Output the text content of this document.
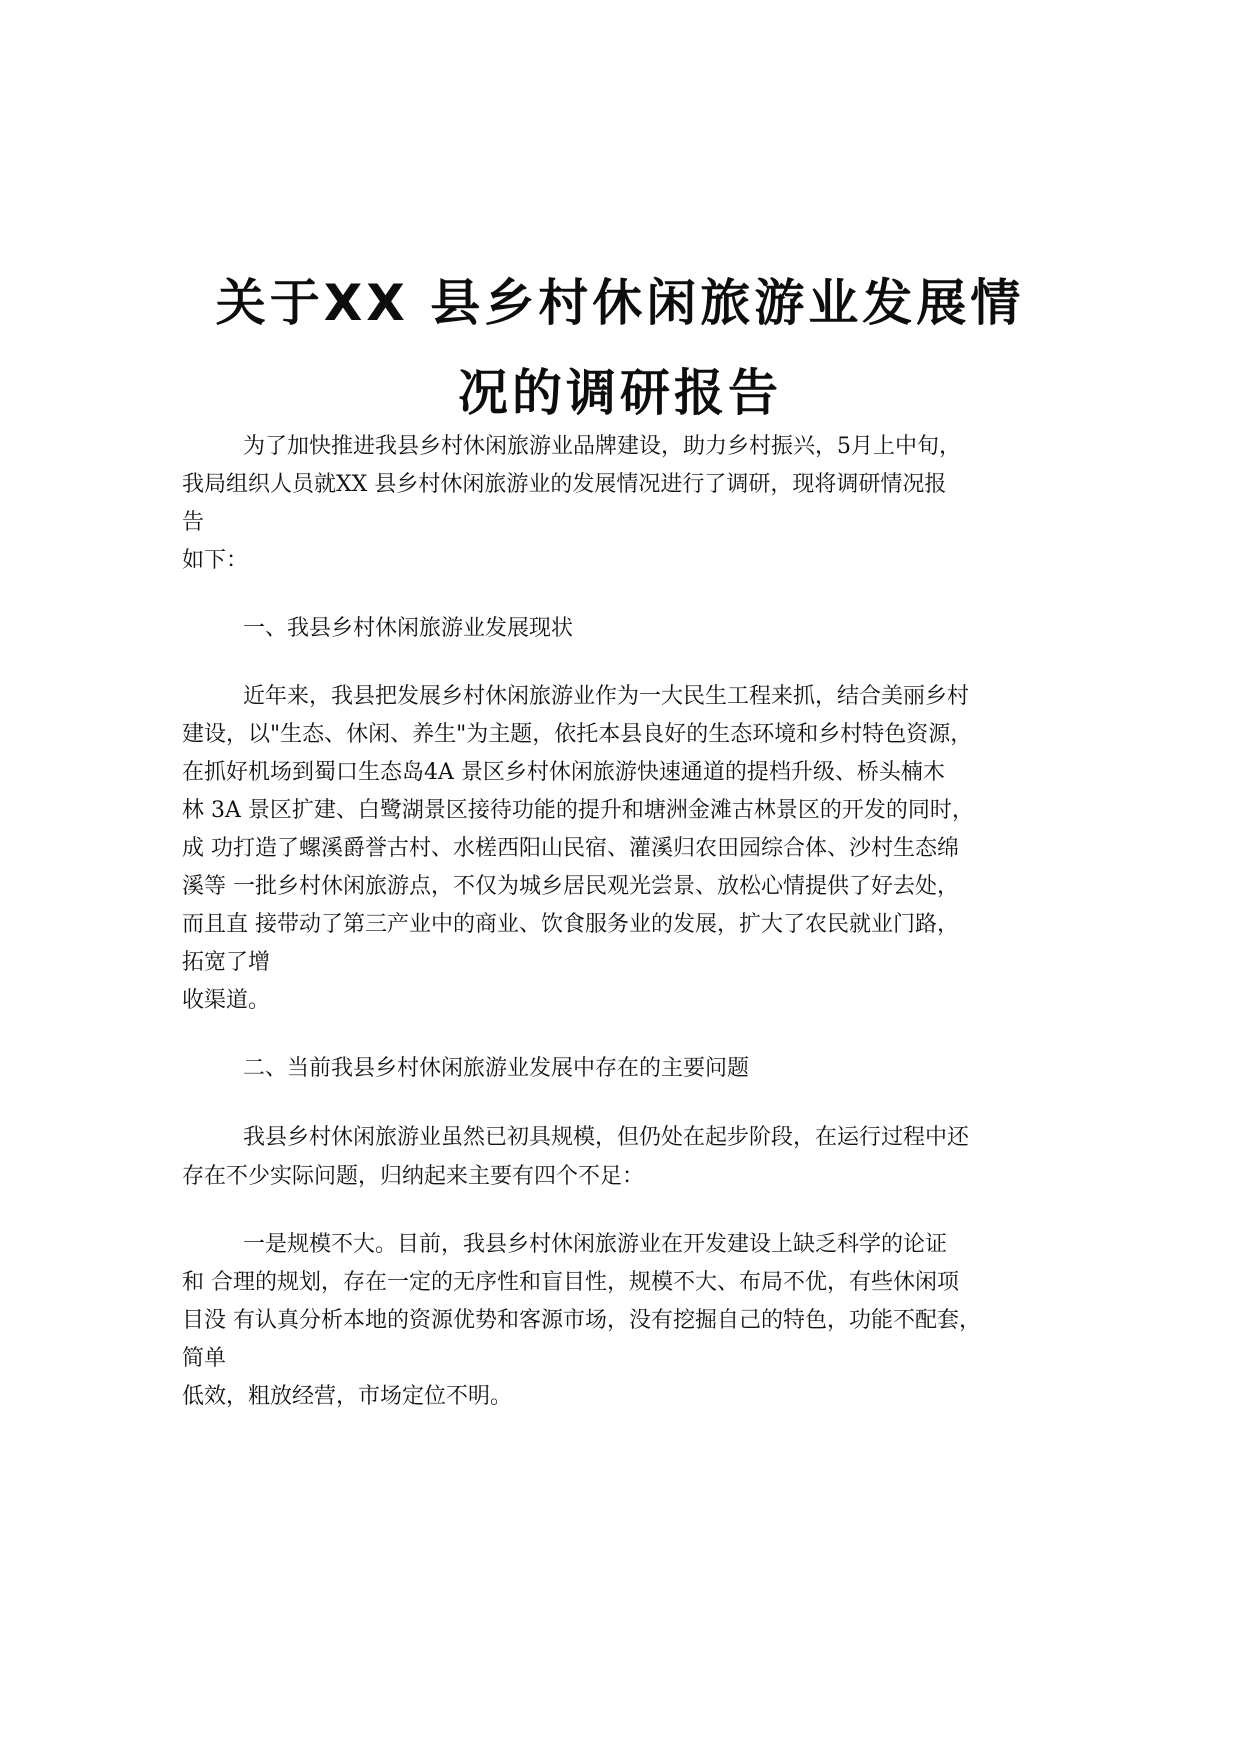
关于XX 县乡村休闲旅游业发展情
况的调研报告
为了加快推进我县乡村休闲旅游业品牌建设，助力乡村振兴，5月上中旬，
我局组织人员就XX 县乡村休闲旅游业的发展情况进行了调研，现将调研情况报
告
如下：
一、我县乡村休闲旅游业发展现状
近年来，我县把发展乡村休闲旅游业作为一大民生工程来抓，结合美丽乡村
建设，以"生态、休闲、养生"为主题，依托本县良好的生态环境和乡村特色资源，
在抓好机场到蜀口生态岛4A 景区乡村休闲旅游快速通道的提档升级、桥头楠木
林 3A 景区扩建、白鹭湖景区接待功能的提升和塘洲金滩古林景区的开发的同时，
成 功打造了螺溪爵誉古村、水槎西阳山民宿、灌溪归农田园综合体、沙村生态绵
溪等 一批乡村休闲旅游点，不仅为城乡居民观光尝景、放松心情提供了好去处，
而且直 接带动了第三产业中的商业、饮食服务业的发展，扩大了农民就业门路，
拓宽了增
收渠道。
二、当前我县乡村休闲旅游业发展中存在的主要问题
我县乡村休闲旅游业虽然已初具规模，但仍处在起步阶段，在运行过程中还
存在不少实际问题，归纳起来主要有四个不足：
一是规模不大。目前，我县乡村休闲旅游业在开发建设上缺乏科学的论证
和 合理的规划，存在一定的无序性和盲目性，规模不大、布局不优，有些休闲项
目没 有认真分析本地的资源优势和客源市场，没有挖掘自己的特色，功能不配套，
简单
低效，粗放经营，市场定位不明。
